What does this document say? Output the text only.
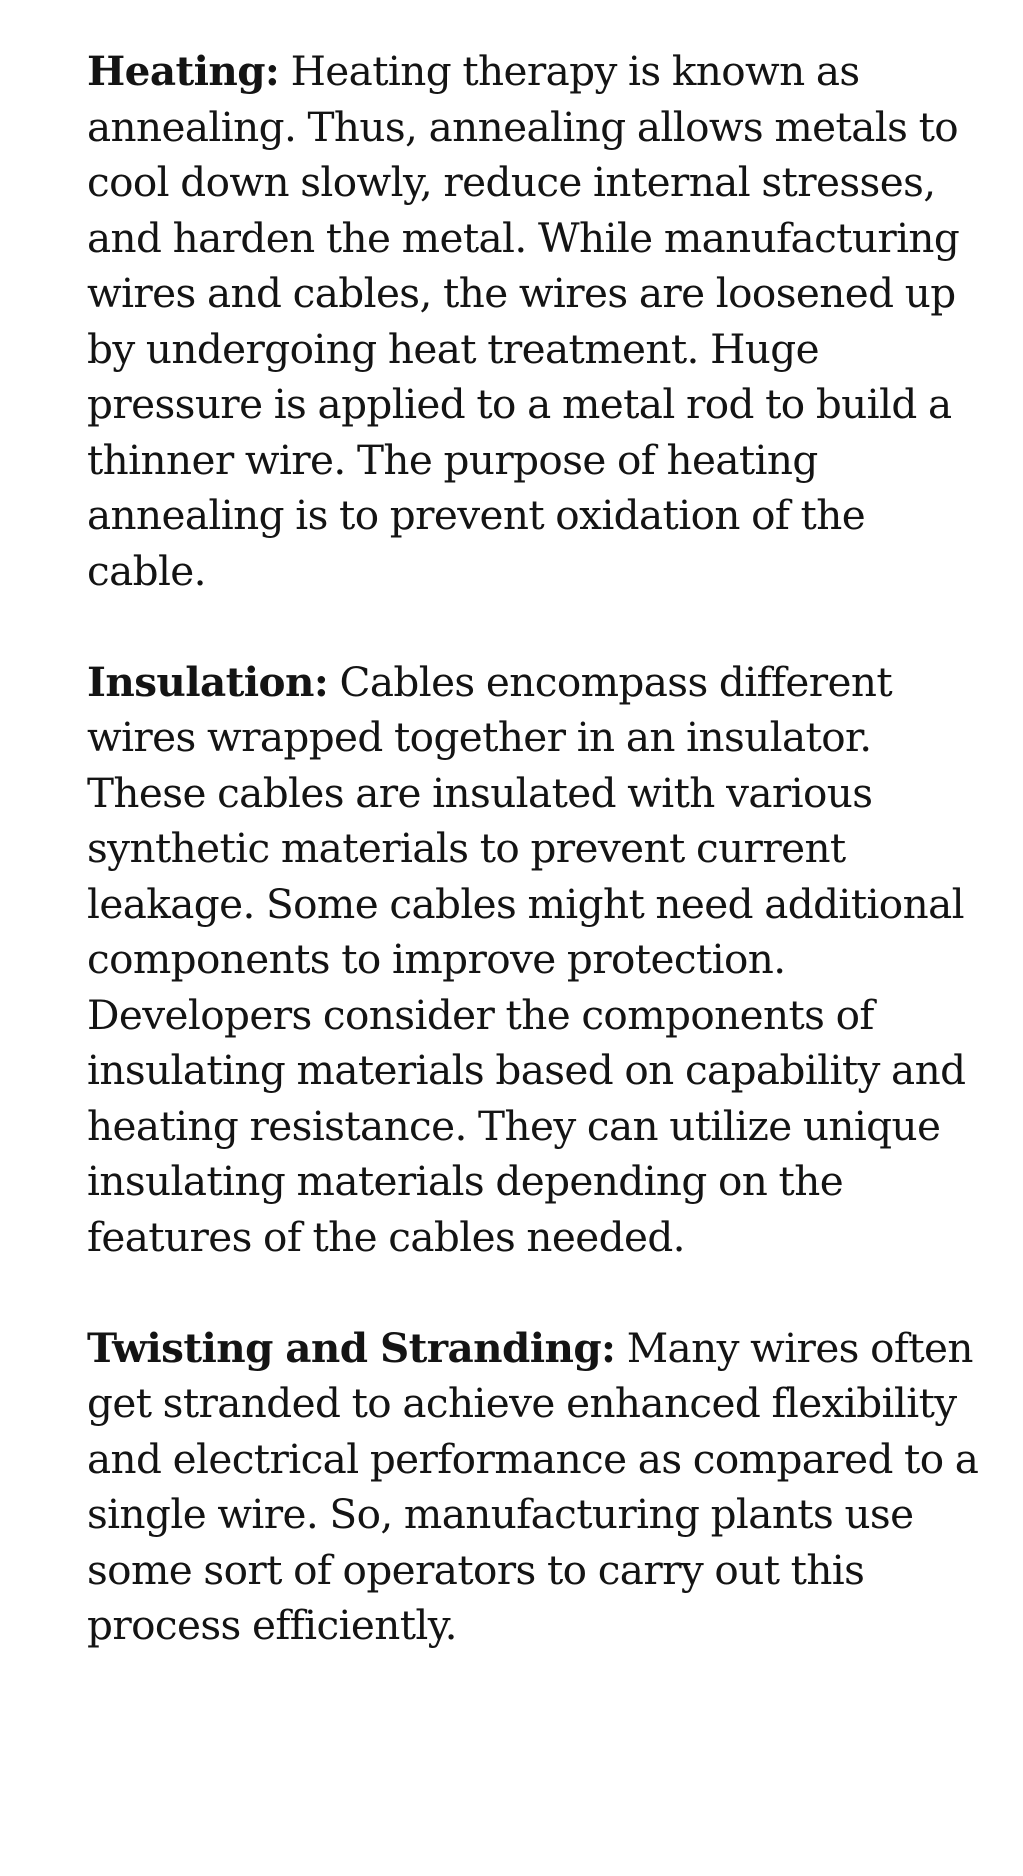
Heating: Heating therapy is known as annealing. Thus, annealing allows metals to cool down slowly, reduce internal stresses, and harden the metal. While manufacturing wires and cables, the wires are loosened up by undergoing heat treatment. Huge pressure is applied to a metal rod to build a thinner wire. The purpose of heating annealing is to prevent oxidation of the cable.

Insulation: Cables encompass different wires wrapped together in an insulator. These cables are insulated with various synthetic materials to prevent current leakage. Some cables might need additional components to improve protection. Developers consider the components of insulating materials based on capability and heating resistance. They can utilize unique insulating materials depending on the features of the cables needed.

Twisting and Stranding: Many wires often get stranded to achieve enhanced flexibility and electrical performance as compared to a single wire. So, manufacturing plants use some sort of operators to carry out this process efficiently.
